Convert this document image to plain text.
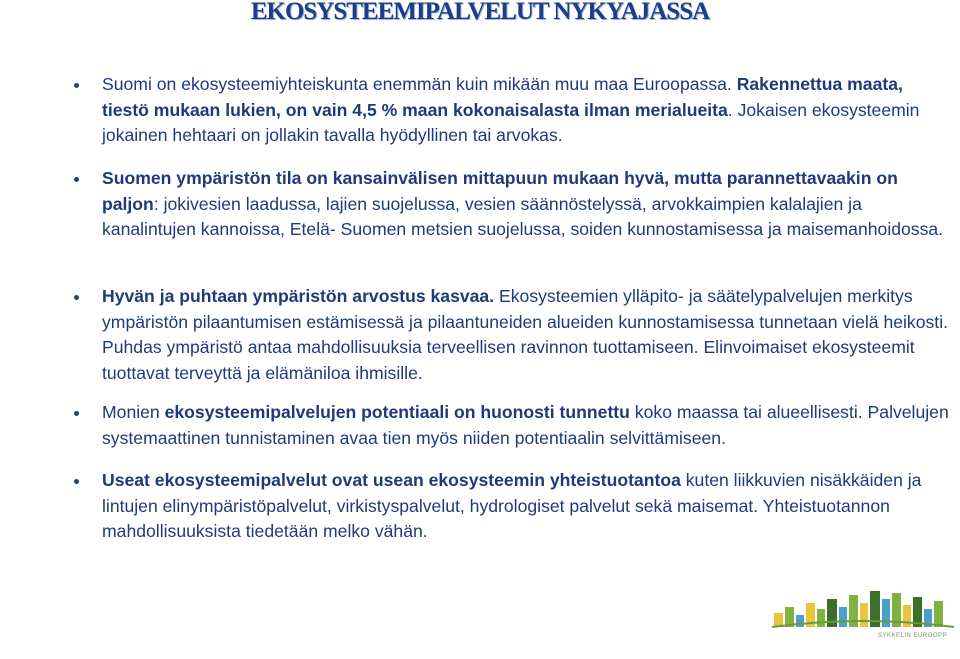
EKOSYSTEEMIPALVELUT NYKYAJASSA
Suomi on ekosysteemiyhteiskunta enemmän kuin mikään muu maa Euroopassa. Rakennettua maata, tiestö mukaan lukien, on vain 4,5 % maan kokonaisalasta ilman merialueita. Jokaisen ekosysteemin jokainen hehtaari on jollakin tavalla hyödyllinen tai arvokas.
Suomen ympäristön tila on kansainvälisen mittapuun mukaan hyvä, mutta parannettavaakin on paljon: jokivesien laadussa, lajien suojelussa, vesien säännöstelyssä, arvokkaimpien kalalajien ja kanalintujen kannoissa, Etelä- Suomen metsien suojelussa, soiden kunnostamisessa ja maisemanhoidossa.
Hyvän ja puhtaan ympäristön arvostus kasvaa. Ekosysteemien ylläpito- ja säätelypalvelujen merkitys ympäristön pilaantumisen estämisessä ja pilaantuneiden alueiden kunnostamisessa tunnetaan vielä heikosti. Puhdas ympäristö antaa mahdollisuuksia terveellisen ravinnon tuottamiseen. Elinvoimaiset ekosysteemit tuottavat terveyttä ja elämäniloa ihmisille.
Monien ekosysteemipalvelujen potentiaali on huonosti tunnettu koko maassa tai alueellisesti. Palvelujen systemaattinen tunnistaminen avaa tien myös niiden potentiaalin selvittämiseen.
Useat ekosysteemipalvelut ovat usean ekosysteemin yhteistuotantoa kuten liikkuvien nisäkkäiden ja lintujen elinympäristöpalvelut, virkistyspalvelut, hydrologiset palvelut sekä maisemat. Yhteistuotannon mahdollisuuksista tiedetään melko vähän.
SYKKELIN EUROOPP
